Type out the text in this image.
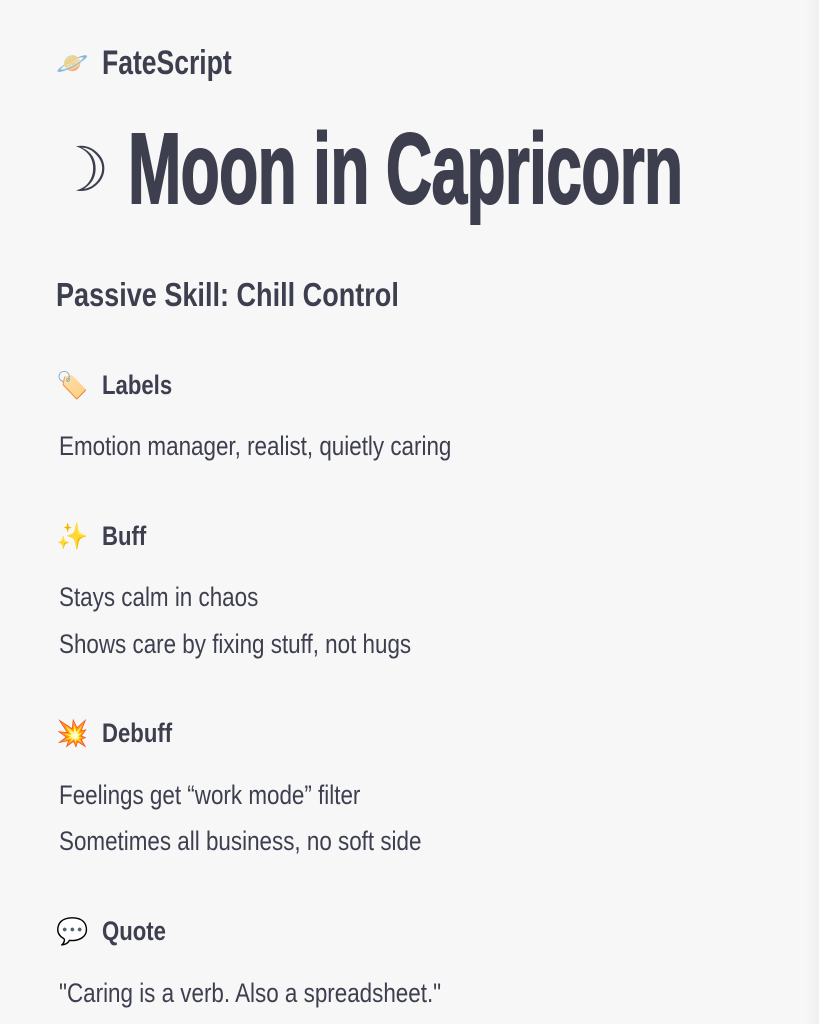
🪐 FateScript
☽ Moon in Capricorn
Passive Skill: Chill Control
🏷️ Labels
Emotion manager, realist, quietly caring
✨ Buff
Stays calm in chaos
Shows care by fixing stuff, not hugs
💥 Debuff
Feelings get “work mode” filter
Sometimes all business, no soft side
💬 Quote
"Caring is a verb. Also a spreadsheet."
